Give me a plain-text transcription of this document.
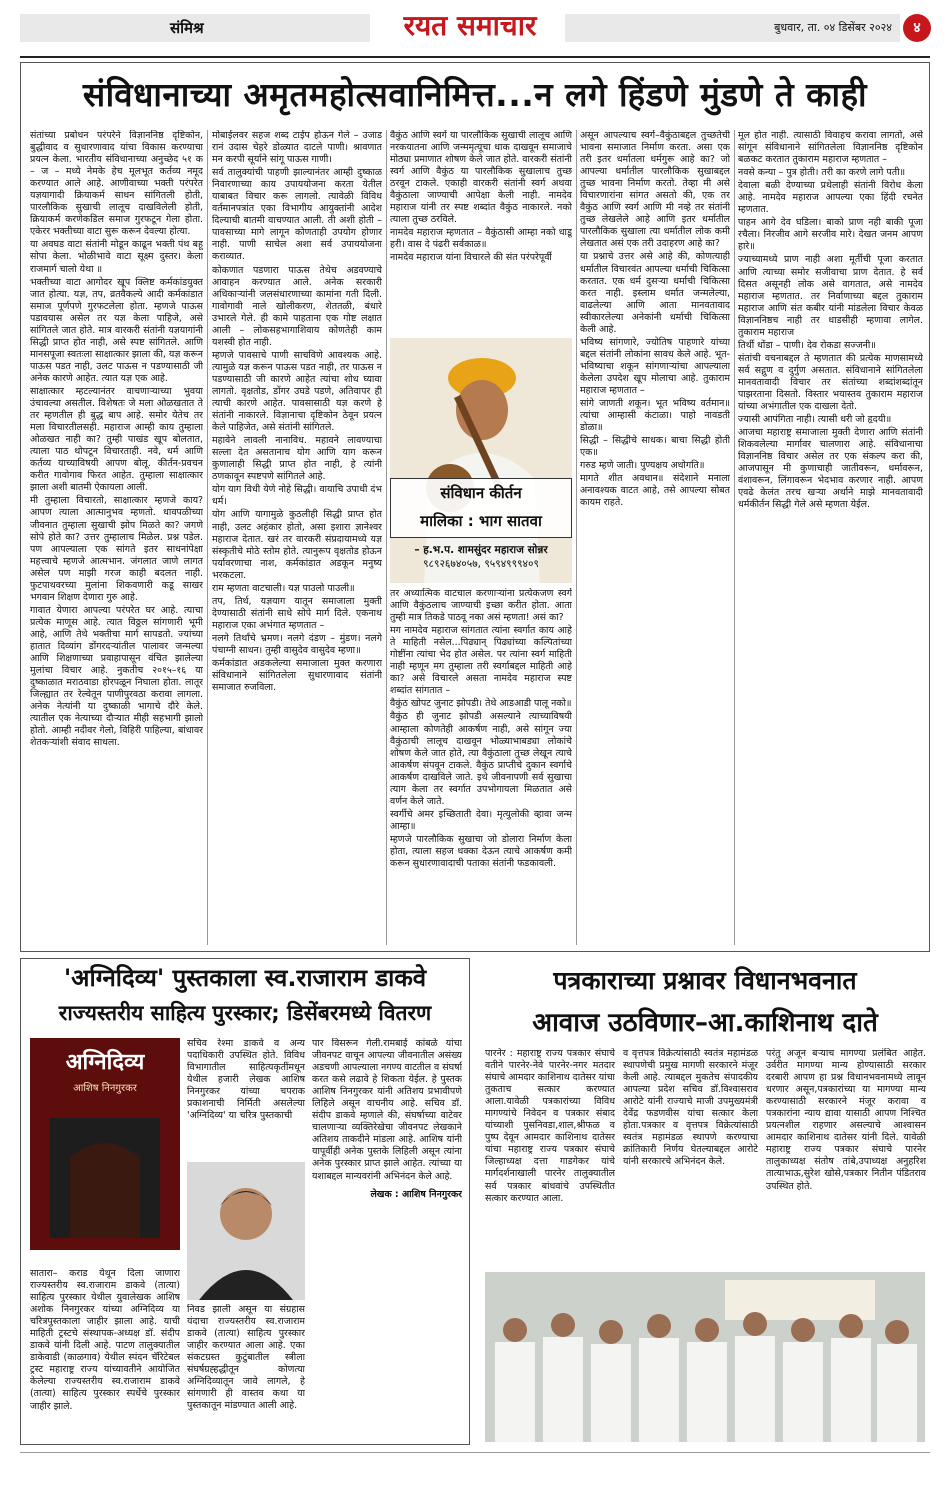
संमिश्र	रयत समाचार	बुधवार, ता. ०४ डिसेंबर २०२४	४
संविधानाच्या अमृतमहोत्सवानिमित्त...न लगे हिंडणे मुंडणे ते काही

संतांच्या प्रबोधन परंपरेने विज्ञाननिष्ठ दृष्टिकोन, बुद्धीवाद व सुधारणावाद यांचा विकास करण्याचा प्रयत्न केला. भारतीय संविधानाच्या अनुच्छेद ५१ क – ज – मध्ये नेमके हेच मूलभूत कर्तव्य नमूद करण्यात आले आहे. आणीवाच्या भक्ती परंपरेत यज्ञयागादी क्रियाकर्म साधन सांगितली होती, पारलौकिक सुखाची लालूच दाखविलेली होती, क्रियाकर्म करणेकडिल समाज गुरफटून गेला होता. एकेरर भक्तीच्या वाटा सुरू करून देवल्या होत्या.

या अवघड वाटा संतांनी मोडून काढून भक्ती पंथ बहू सोपा केला. भोळीभावे वाटा सूक्ष्म दुस्तर। केला राजमार्ग चालो येथा ॥

भक्तीच्या वाटा आगोदर खूप क्लिष्ट कर्मकांडयुक्त जात होत्या. यज्ञ, तप, व्रतवैकल्ये आदी कर्मकांडात समाज पूर्णपणे गुरफटलेला होता. म्हणजे पाऊस पडावयास असेल तर यज्ञ केला पाहिजे, असे सांगितले जात होते. मात्र वारकरी संतांनी यज्ञयागांनी सिद्धी प्राप्त होत नाही, असे स्पष्ट सांगितले. आणि मानसपूजा स्वतःला साक्षात्कार झाला की, यज्ञ करून पाऊस पडत नाही, उलट पाऊस न पडण्यासाठी जी अनेक कारणे आहेत. त्यात यज्ञ एक आहे.

साक्षात्कार म्हटल्यानंतर वाचणाऱ्याच्या भुवया उंचावल्या असतील. विशेषतः जे मला ओळखतात ते तर म्हणतील ही बुद्ध बाप आहे. समोर येतेच तर मला विचारतीलसही. महाराज आम्ही काय तुम्हाला ओळखत नाही का? तुम्ही पाखंड खूप बोलतात, त्याला पाठ थोपटून विचारताही. नवे, धर्म आणि कर्तव्य याच्याविषयी आपण बोलू. कीर्तन-प्रवचन करीत गावोगाव फिरत आहेत. तुम्हाला साक्षात्कार झाला अशी बातमी ऐकायला आली.

मी तुम्हाला विचारतो, साक्षात्कार म्हणजे काय? आपण त्याला आत्मानुभव म्हणतो. धावपळीच्या जीवनात तुम्हाला सुखाची झोप मिळते का? जगणे सोपे होते का? उत्तर तुम्हालाच मिळेल. प्रश्न पडेल. पण आपल्याला एक सांगते इतर साधनांपेक्षा महत्त्वाचे म्हणजे आत्मभान. जंगलात जाणे लागत असेल पण माझी गरज काही बदलत नाही. फुटपाथवरच्या मुलांना शिकवणारी कडू साखर भगवान शिक्षण देणारा गुरु आहे.

गावात येणारा आपल्या परंपरेत घर आहे. त्याचा प्रत्येक माणूस आहे. त्यात विठ्ठल सांगणारी भूमी आहे, आणि तेथे भक्तीचा मार्ग सापडतो. ज्यांच्या हातात दिव्यांग डोंगरदऱ्यांतील पालावर जन्मल्या आणि शिक्षणाच्या प्रवाहापासून वंचित झालेल्या मुलांचा विचार आहे. नुकतीच २०१५–१६ या दुष्काळात मराठवाडा होरपळून निघाला होता. लातूर जिल्ह्यात तर रेल्वेतून पाणीपुरवठा करावा लागला. अनेक नेत्यांनी या दुष्काळी भागाचे दौरे केले. त्यातील एक नेत्याच्या दौऱ्यात मीही सहभागी झालो होतो. आम्ही नदीवर गेलो, विहिरी पाहिल्या, बांधावर शेतकऱ्यांशी संवाद साधला.

मोबाईलवर सहज शब्द टाईप होऊन गेले – उजाड रानं उदास चेहरे डोळ्यात दाटले पाणी। श्रावणात मन करपी सूर्याने सांगू पाऊस गाणी।

सर्व तालुक्यांची पाहणी झाल्यानंतर आम्ही दुष्काळ निवारणाच्या काय उपाययोजना करता येतील याबाबत विचार करू लागलो. त्यावेळी विविध वर्तमानपत्रांत एका विभागीय आयुक्तांनी आदेश दिल्याची बातमी वाचण्यात आली. ती अशी होती – पावसाच्या मागे लागून कोणताही उपयोग होणार नाही. पाणी साचेल अशा सर्व उपाययोजना कराव्यात.

कोकणात पडणारा पाऊस तेथेच अडवण्याचे आवाहन करण्यात आले. अनेक सरकारी अधिकाऱ्यांनी जलसंधारणाच्या कामांना गती दिली. गावोगावी नाले खोलीकरण, शेततळी, बंधारे उभारले गेले. ही कामे पाहताना एक गोष्ट लक्षात आली – लोकसहभागाशिवाय कोणतेही काम यशस्वी होत नाही.

म्हणजे पावसाचे पाणी साचविणे आवश्यक आहे. त्यामुळे यज्ञ करून पाऊस पडत नाही, तर पाऊस न पडण्यासाठी जी कारणे आहेत त्यांचा शोध घ्यावा लागतो. वृक्षतोड, डोंगर उघडे पडणे, अतिवापर ही त्याची कारणे आहेत. पावसासाठी यज्ञ करणे हे संतांनी नाकारले. विज्ञानाचा दृष्टिकोन ठेवून प्रयत्न केले पाहिजेत, असे संतांनी सांगितले.

महावेने लावली नानाविध. महावने लावण्याचा सल्ला देत असतानाच योग आणि याग करून कुणालाही सिद्धी प्राप्त होत नाही, हे त्यांनी ठणकावून स्पष्टपणे सांगितले आहे.

योग याग विधी येणे नोहे सिद्धी। वायाचि उपाधी दंभ धर्म।

योग आणि यागामुळे कुठलीही सिद्धी प्राप्त होत नाही, उलट अहंकार होतो, असा इशारा ज्ञानेश्वर महाराज देतात. खरं तर वारकरी संप्रदायामध्ये यज्ञ संस्कृतीचे मोठे स्तोम होते. त्यानुरूप वृक्षतोड होऊन पर्यावरणाचा नाश, कर्मकांडात अडकून मनुष्य भरकटला.

राम म्हणता वाटचाली। यज्ञ पाउलो पाउली॥

तप, तिर्थ, यज्ञयाग यातून समाजाला मुक्ती देण्यासाठी संतांनी साधे सोपे मार्ग दिले. एकनाथ महाराज एका अभंगात म्हणतात –

नलगे तिर्थांचे भ्रमण। नलगे दंडण – मुंडण। नलगे पंचाग्नी साधन। तुम्ही वासुदेव वासुदेव म्हणा॥

कर्मकांडात अडकलेल्या समाजाला मुक्त करणारा संविधानाने सांगितलेला सुधारणावाद संतांनी समाजात रुजविला.

वैकुंठ आणि स्वर्ग या पारलौकिक सुखाची लालूच आणि नरकयातना आणि जन्ममृत्यूचा धाक दाखवून समाजाचे मोठ्या प्रमाणात शोषण केले जात होते. वारकरी संतांनी स्वर्ग आणि वैकुंठ या पारलौकिक सुखालाच तुच्छ ठरवून टाकले. एकाही वारकरी संतांनी स्वर्ग अथवा वैकुंठाला जाण्याची आपेक्षा केली नाही. नामदेव महाराज यांनी तर स्पष्ट शब्दांत वैकुंठ नाकारले. नको त्याला तुच्छ ठरविले.

नामदेव महाराज म्हणतात – वैकुंठासी आम्हा नको धाडू हरी। वास दे पंढरी सर्वकाळ॥

नामदेव महाराज यांना विचारले की संत परंपरेपूर्वी

संविधान कीर्तन
मालिका : भाग सातवा
– ह.भ.प. शामसुंदर महाराज सोन्नर
९८९२६७४०५७, ९५९४९९९४०९

तर अध्यात्मिक वाटचाल करणाऱ्यांना प्रत्येकजण स्वर्ग आणि वैकुंठलाच जाण्याची इच्छा करीत होता. आता तुम्ही मात्र तिकडे पाठवू नका असं म्हणता! असं का?

मग नामदेव महाराज सांगतात त्यांना स्वर्गात काय आहे ते माहिती नसेल...पिढ्यान् पिढ्यांच्या कल्पितांच्या गोष्टींना त्यांचा भेद होत असेल. पर त्यांना स्वर्ग माहिती नाही म्हणून मग तुम्हाला तरी स्वर्गाबद्दल माहिती आहे का? असे विचारले असता नामदेव महाराज स्पष्ट शब्दांत सांगतात –

वैकुंठ खोपट जुनाट झोपडी। तेथे आडआडी पालू नको॥

वैकुंठ ही जुनाट झोपडी असल्याने त्याच्याविषयी आम्हाला कोणतेही आकर्षण नाही, असे सांगून ज्या वैकुंठाची लालूच दाखवून भोळ्याभाबड्या लोकांचे शोषण केले जात होते, त्या वैकुंठाला तुच्छ लेखून त्याचे आकर्षण संपवून टाकले. वैकुंठ प्राप्तीचे दुकान स्वर्गाचे आकर्षण दाखविले जाते. इथे जीवनापणी सर्व सुखाचा त्याग केला तर स्वर्गात उपभोगायला मिळतात असे वर्णन केले जाते.

स्वर्गीचे अमर इच्छिताती देवा। मृत्युलोकी व्हावा जन्म आम्हा॥

म्हणजे पारलौकिक सुखाचा जो डोलारा निर्माण केला होता, त्याला सहज धक्का देऊन त्याचे आकर्षण कमी करून सुधारणावादाची पताका संतांनी फडकावली.

असून आपल्याच स्वर्ग–वैकुंठाबद्दल तुच्छतेची भावना समाजात निर्माण करता. असा एक तरी इतर धर्मातला धर्मगुरू आहे का? जो आपल्या धर्मातील पारलौकिक सुखाबद्दल तुच्छ भावना निर्माण करतो. तेव्हा मी असे विचारणारांना सांगत असतो की, एक तर वैकुंठ आणि स्वर्ग आणि मी नव्हे तर संतांनी तुच्छ लेखलेले आहे आणि इतर धर्मातील पारलौकिक सुखाला त्या धर्मातील लोक कमी लेखतात असं एक तरी उदाहरण आहे का?

या प्रश्नाचे उत्तर असे आहे की, कोणत्याही धर्मातील विचारवंत आपल्या धर्माची चिकित्सा करतात. एक धर्म दुसऱ्या धर्माची चिकित्सा करत नाही. इस्लाम धर्मात जन्मलेल्या, वाढलेल्या आणि आता मानवतावाद स्वीकारलेल्या अनेकांनी धर्माची चिकित्सा केली आहे.

भविष्य सांगणारे, ज्योतिष पाहणारे यांच्या बद्दल संतांनी लोकांना सावध केले आहे. भूत-भविष्याचा शकून सांगणाऱ्यांचा आपल्याला केलेला उपदेश खूप मोलाचा आहे. तुकाराम महाराज म्हणतात –

सांगे जाणती शकून। भूत भविष्य वर्तमान॥ त्यांचा आम्हासी कंटाळा। पाहो नावडती डोळा॥

सिद्धी – सिद्धीचे साधक। बाचा सिद्धी होती एक॥

गरुड म्हणे जाती। पुण्यक्षय अधोगति॥

मागते शीत अवधान॥ संदेशाने मनाला अनावश्यक वाटत आहे, तसे आपल्या सोबत कायम राहते.

मूल होत नाही. त्यासाठी विवाहच करावा लागतो, असे सांगून संविधानाने सांगितलेला विज्ञाननिष्ठ दृष्टिकोन बळकट करतात तुकाराम महाराज म्हणतात –

नवसे कन्या – पुत्र होती। तरी का करणे लागे पती॥

देवाला बळी देण्याच्या प्रथेलाही संतांनी विरोध केला आहे. नामदेव महाराज आपल्या एका हिंदी रचनेत म्हणतात.

पाहन आगे देव घडिला। बाको प्राण नही बाकी पूजा रचैला। निरजीव आगे सरजीव मारे। देखत जनम आपण हारे॥

ज्याच्यामध्ये प्राण नाही अशा मूर्तीची पूजा करतात आणि त्याच्या समोर सजीवाचा प्राण देतात. हे सर्व दिसत असूनही लोक असे वागतात, असे नामदेव महाराज म्हणतात. तर निर्वाणाच्या बद्दल तुकाराम महाराज आणि संत कबीर यांनी मांडलेला विचार केवळ विज्ञाननिष्ठच नाही तर धाडसीही म्हणावा लागेल. तुकाराम महाराज

तिर्थी धोंडा – पाणी। देव रोकडा सज्जनी॥

संतांची वचनाबद्दल ते म्हणतात की प्रत्येक माणसामध्ये सर्व सद्गुण व दुर्गुण असतात. संविधानाने सांगितलेला मानवतावादी विचार तर संतांच्या शब्दांशब्दांतून पाझरताना दिसतो. विस्तार भयास्तव तुकाराम महाराज यांच्या अभंगातील एक दाखला देतो.

ज्यासी आपंगिता नाही। त्यासी धरी जो हृदयी॥

आजचा महाराष्ट्र समाजाला मुक्ती देणारा आणि संतांनी शिकवलेल्या मार्गावर चालणारा आहे. संविधानाचा विज्ञाननिष्ठ विचार असेल तर एक संकल्प करा की, आजपासून मी कुणाचाही जातीवरून, धर्मावरून, वंशावरून, लिंगावरून भेदभाव करणार नाही. आपण एवढे केलंत तरच खऱ्या अर्थाने माझे मानवतावादी धर्मकीर्तन सिद्धी गेले असे म्हणता येईल.

'अग्निदिव्य' पुस्तकाला स्व.राजाराम डाकवे
राज्यस्तरीय साहित्य पुरस्कार; डिसेंबरमध्ये वितरण
अग्निदिव्य
आशिष निनगुरकर
सचिव रेश्मा डाकवे व अन्य पदाधिकारी उपस्थित होते. विविध विभागातील साहित्यकृतींमधून येथील हजारी लेखक आशिष निनगुरकर यांच्या चपराक प्रकाशनाची निर्मिती असलेल्या 'अग्निदिव्य' या चरित्र पुस्तकाची
पार विसरून गेली.रामबाई कांबळे यांचा जीवनपट वाचून आपल्या जीवनातील असंख्य अडचणी आपल्याला नगण्य वाटतील व संघर्षा करत कसे लढावे हे शिकता येईल. हे पुस्तक आशिष निनगुरकर यांनी अतिशय प्रभावीपणे लिहिले असून वाचनीय आहे. सचिव डॉ. संदीप डाकवे म्हणाले की, संघर्षाच्या वाटेवर चालणाऱ्या व्यक्तिरेखेचा जीवनपट लेखकाने अतिशय ताकदीने मांडला आहे. आशिष यांनी यापूर्वीही अनेक पुस्तके लिहिली असून त्यांना अनेक पुरस्कार प्राप्त झाले आहेत. त्यांच्या या यशाबद्दल मान्यवरांनी अभिनंदन केले आहे.
लेखक : आशिष निनगुरकर
सातारा– कराड येथून दिला जाणारा राज्यस्तरीय स्व.राजाराम डाकवे (तात्या) साहित्य पुरस्कार येथील युवालेखक आशिष अशोक निनगुरकर यांच्या अग्निदिव्य या चरित्रपुस्तकाला जाहीर झाला आहे. याची माहिती ट्रस्टचे संस्थापक-अध्यक्ष डॉ. संदीप डाकवे यांनी दिली आहे. पाटण तालुक्यातील डाकेवाडी (काळगाव) येथील स्पंदन चॅरिटेबल ट्रस्ट महाराष्ट्र राज्य यांच्यावतीने आयोजित केलेल्या राज्यस्तरीय स्व.राजाराम डाकवे (तात्या) साहित्य पुरस्कार स्पर्धेचे पुरस्कार जाहीर झाले.
निवड झाली असून या संग्रहास यंदाचा राज्यस्तरीय स्व.राजाराम डाकवे (तात्या) साहित्य पुरस्कार जाहीर करण्यात आला आहे. एका संकटग्रस्त कुटुंबातील स्त्रीला संघर्षग्रह्हद्धीतून कोणत्या अग्निदिव्यातून जावे लागले, हे सांगणारी ही वास्तव कथा या पुस्तकातून मांडण्यात आली आहे.
पत्रकाराच्या प्रश्नावर विधानभवनात
आवाज उठविणार–आ.काशिनाथ दाते
पारनेर : महाराष्ट्र राज्य पत्रकार संघाचे वतीने पारनेर-नेवे पारनेर-नगर मतदार संघाचे आमदार काशिनाथ दातेसर यांचा तुकताच सत्कार करण्यात आला.यावेळी पत्रकारांच्या विविध मागण्यांचे निवेदन व पत्रकार संबाद यांच्याशी पुसनिवडा,शाल,श्रीफळ व पुष्प देवून आमदार काशिनाथ दातेसर यांचा महाराष्ट्र राज्य पत्रकार संघाचे जिल्हाध्यक्ष दत्ता गाडगेकर यांचे मार्गदर्शनाखाली पारनेर तालुक्यातील सर्व पत्रकार बांधवांचे उपस्थितीत सत्कार करण्यात आला.
व वृत्तपत्र विक्रेत्यांसाठी स्वतंत्र महामंडळ स्थापणेची प्रमुख मागणी सरकारने मंजूर केली आहे. त्याबद्दल मुकतेच संपादकीय आपल्या प्रदेश सचिव डॉ.विश्वासराव आरोटे यांनी राज्याचे माजी उपमुख्यमंत्री देवेंद्र फडणवीस यांचा सत्कार केला होता.पत्रकार व वृत्तपत्र विक्रेत्यांसाठी स्वतंत्र महामंडळ स्थापणे करण्याचा क्रांतिकारी निर्णय घेतल्याबद्दल आरोटे यांनी सरकारचे अभिनंदन केले.
परंतु अजून बऱ्याच मागण्या प्रलंबित आहेत. उर्वरीत मागण्या मान्य होण्यासाठी सरकार दरबारी आपण हा प्रश्न विधानभवनामध्ये लावून धरणार असून,पत्रकारांच्या या मागण्या मान्य करण्यासाठी सरकारने मंजूर करावा व पत्रकारांना न्याय द्यावा यासाठी आपण निश्चित प्रयत्नशील राहणार असल्याचे आश्वासन आमदार काशिनाथ दातेसर यांनी दिले. यावेळी महाराष्ट्र राज्य पत्रकार संघाचे पारनेर तालुकाध्यक्ष संतोष तांबे,उपाध्यक्ष अनुहरिश तात्याभाऊ,सुरेश खोसे,पत्रकार नितीन पंडितराव उपस्थित होते.
